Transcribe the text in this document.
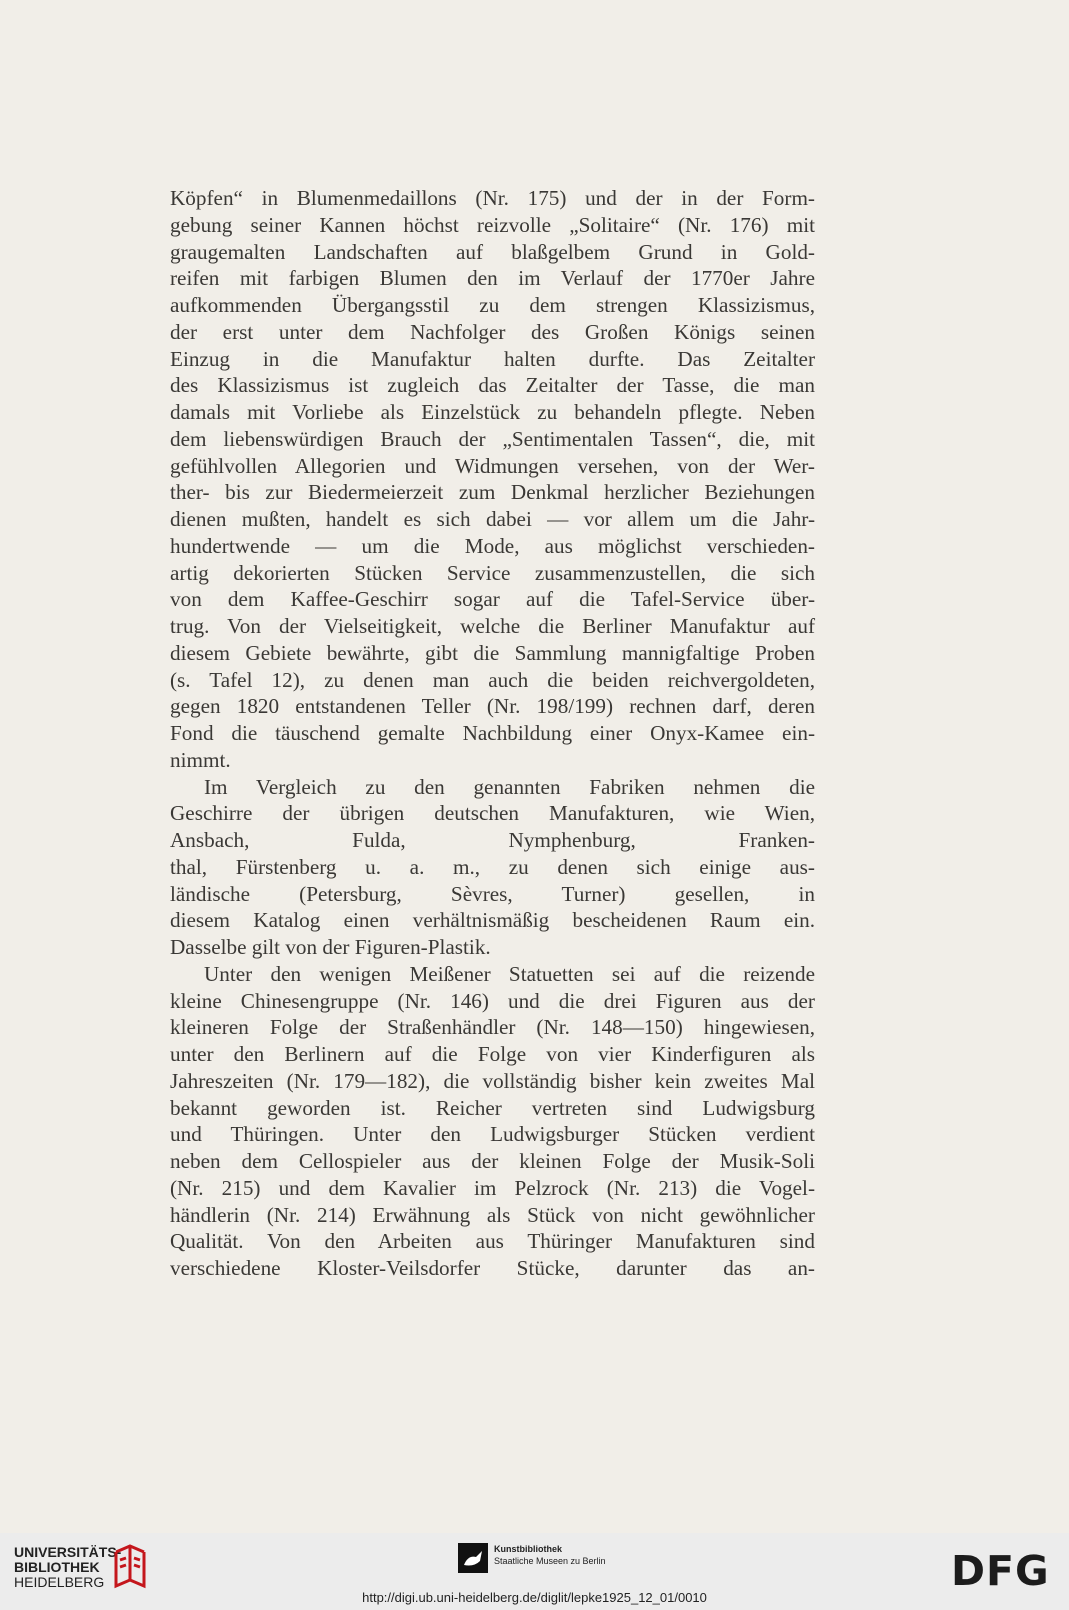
Köpfen“ in Blumenmedaillons (Nr. 175) und der in der Form-
gebung seiner Kannen höchst reizvolle „Solitaire“ (Nr. 176) mit
graugemalten Landschaften auf blaßgelbem Grund in Gold-
reifen mit farbigen Blumen den im Verlauf der 1770er Jahre
aufkommenden Übergangsstil zu dem strengen Klassizismus,
der erst unter dem Nachfolger des Großen Königs seinen
Einzug in die Manufaktur halten durfte. Das Zeitalter
des Klassizismus ist zugleich das Zeitalter der Tasse, die man
damals mit Vorliebe als Einzelstück zu behandeln pflegte. Neben
dem liebenswürdigen Brauch der „Sentimentalen Tassen“, die, mit
gefühlvollen Allegorien und Widmungen versehen, von der Wer-
ther- bis zur Biedermeierzeit zum Denkmal herzlicher Beziehungen
dienen mußten, handelt es sich dabei — vor allem um die Jahr-
hundertwende — um die Mode, aus möglichst verschieden-
artig dekorierten Stücken Service zusammenzustellen, die sich
von dem Kaffee-Geschirr sogar auf die Tafel-Service über-
trug. Von der Vielseitigkeit, welche die Berliner Manufaktur auf
diesem Gebiete bewährte, gibt die Sammlung mannigfaltige Proben
(s. Tafel 12), zu denen man auch die beiden reichvergoldeten,
gegen 1820 entstandenen Teller (Nr. 198/199) rechnen darf, deren
Fond die täuschend gemalte Nachbildung einer Onyx-Kamee ein-
nimmt.
Im Vergleich zu den genannten Fabriken nehmen die
Geschirre der übrigen deutschen Manufakturen, wie Wien,
Ansbach, Fulda, Nymphenburg, Franken-
thal, Fürstenberg u. a. m., zu denen sich einige aus-
ländische (Petersburg, Sèvres, Turner) gesellen, in
diesem Katalog einen verhältnismäßig bescheidenen Raum ein.
Dasselbe gilt von der Figuren-Plastik.
Unter den wenigen Meißener Statuetten sei auf die reizende
kleine Chinesengruppe (Nr. 146) und die drei Figuren aus der
kleineren Folge der Straßenhändler (Nr. 148—150) hingewiesen,
unter den Berlinern auf die Folge von vier Kinderfiguren als
Jahreszeiten (Nr. 179—182), die vollständig bisher kein zweites Mal
bekannt geworden ist. Reicher vertreten sind Ludwigsburg
und Thüringen. Unter den Ludwigsburger Stücken verdient
neben dem Cellospieler aus der kleinen Folge der Musik-Soli
(Nr. 215) und dem Kavalier im Pelzrock (Nr. 213) die Vogel-
händlerin (Nr. 214) Erwähnung als Stück von nicht gewöhnlicher
Qualität. Von den Arbeiten aus Thüringer Manufakturen sind
verschiedene Kloster-Veilsdorfer Stücke, darunter das an-
UNIVERSITÄTS-
BIBLIOTHEK
HEIDELBERG
Kunstbibliothek
Staatliche Museen zu Berlin	DFG
http://digi.ub.uni-heidelberg.de/diglit/lepke1925_12_01/0010
